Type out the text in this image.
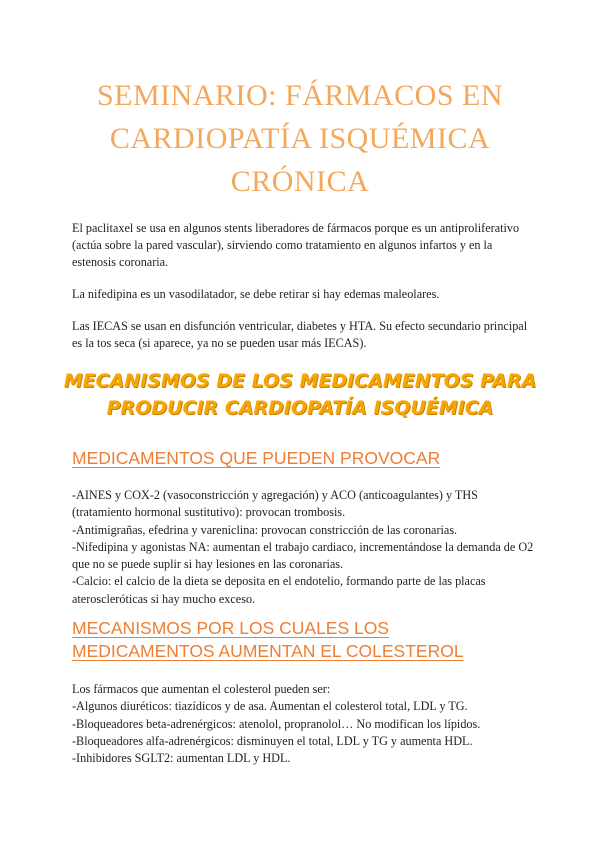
SEMINARIO: FÁRMACOS EN CARDIOPATÍA ISQUÉMICA CRÓNICA

El paclitaxel se usa en algunos stents liberadores de fármacos porque es un antiproliferativo (actúa sobre la pared vascular), sirviendo como tratamiento en algunos infartos y en la estenosis coronaria.

La nifedipina es un vasodilatador, se debe retirar si hay edemas maleolares.

Las IECAS se usan en disfunción ventricular, diabetes y HTA. Su efecto secundario principal es la tos seca (si aparece, ya no se pueden usar más IECAS).

MECANISMOS DE LOS MEDICAMENTOS PARA PRODUCIR CARDIOPATÍA ISQUÉMICA
MEDICAMENTOS QUE PUEDEN PROVOCAR
-AINES y COX-2 (vasoconstricción y agregación) y ACO (anticoagulantes) y THS (tratamiento hormonal sustitutivo): provocan trombosis.
-Antimigrañas, efedrina y vareniclina: provocan constricción de las coronarias.
-Nifedipina y agonistas NA: aumentan el trabajo cardiaco, incrementándose la demanda de O2 que no se puede suplir si hay lesiones en las coronarias.
-Calcio: el calcio de la dieta se deposita en el endotelio, formando parte de las placas ateroscleróticas si hay mucho exceso.
MECANISMOS POR LOS CUALES LOS MEDICAMENTOS AUMENTAN EL COLESTEROL
Los fármacos que aumentan el colesterol pueden ser:
-Algunos diuréticos: tiazídicos y de asa. Aumentan el colesterol total, LDL y TG.
-Bloqueadores beta-adrenérgicos: atenolol, propranolol… No modifican los lípidos.
-Bloqueadores alfa-adrenérgicos: disminuyen el total, LDL y TG y aumenta HDL.
-Inhibidores SGLT2: aumentan LDL y HDL.
